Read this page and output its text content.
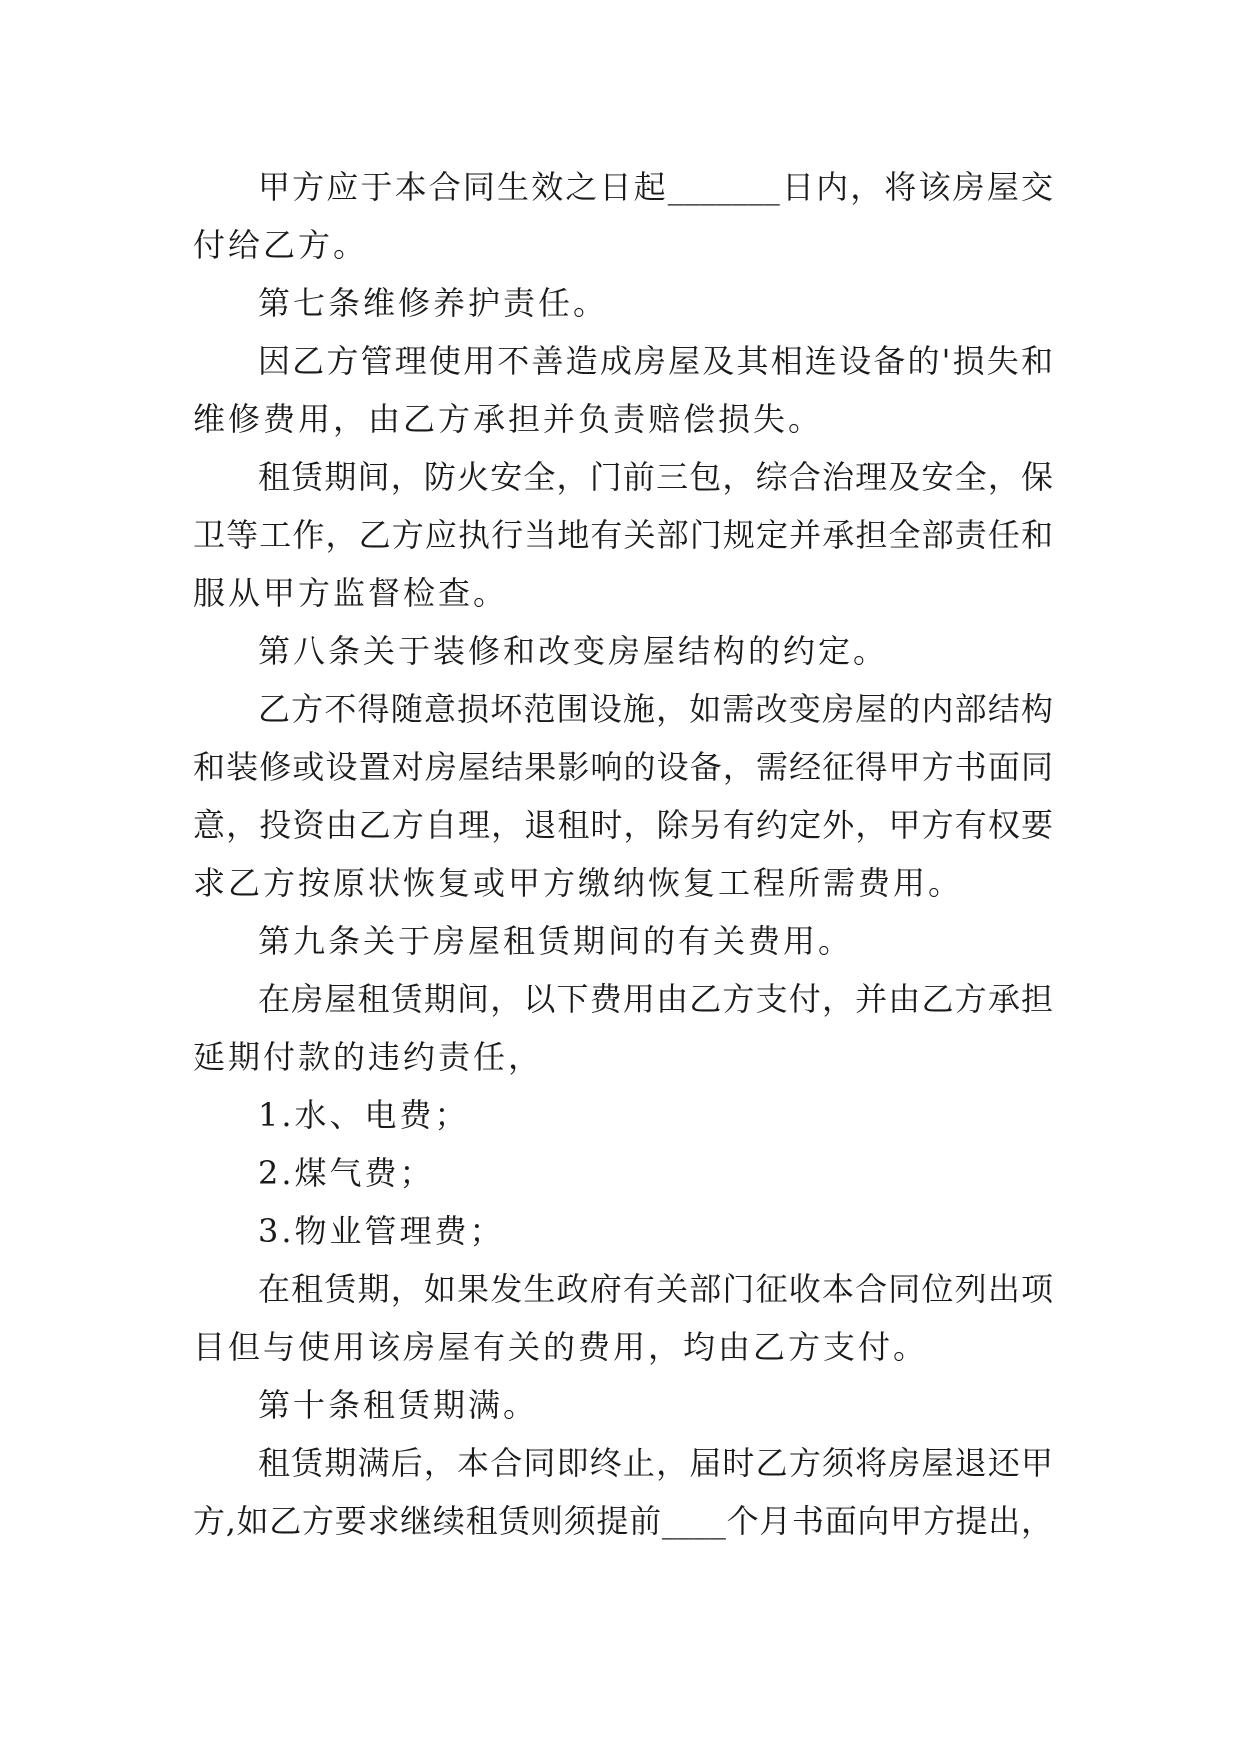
甲方应于本合同生效之日起_______日内，将该房屋交
付给乙方。
第七条维修养护责任。
因乙方管理使用不善造成房屋及其相连设备的'损失和
维修费用，由乙方承担并负责赔偿损失。
租赁期间，防火安全，门前三包，综合治理及安全，保
卫等工作，乙方应执行当地有关部门规定并承担全部责任和
服从甲方监督检查。
第八条关于装修和改变房屋结构的约定。
乙方不得随意损坏范围设施，如需改变房屋的内部结构
和装修或设置对房屋结果影响的设备，需经征得甲方书面同
意，投资由乙方自理，退租时，除另有约定外，甲方有权要
求乙方按原状恢复或甲方缴纳恢复工程所需费用。
第九条关于房屋租赁期间的有关费用。
在房屋租赁期间，以下费用由乙方支付，并由乙方承担
延期付款的违约责任，
1.水、电费；
2.煤气费；
3.物业管理费；
在租赁期，如果发生政府有关部门征收本合同位列出项
目但与使用该房屋有关的费用，均由乙方支付。
第十条租赁期满。
租赁期满后，本合同即终止，届时乙方须将房屋退还甲
方,如乙方要求继续租赁则须提前____个月书面向甲方提出，
